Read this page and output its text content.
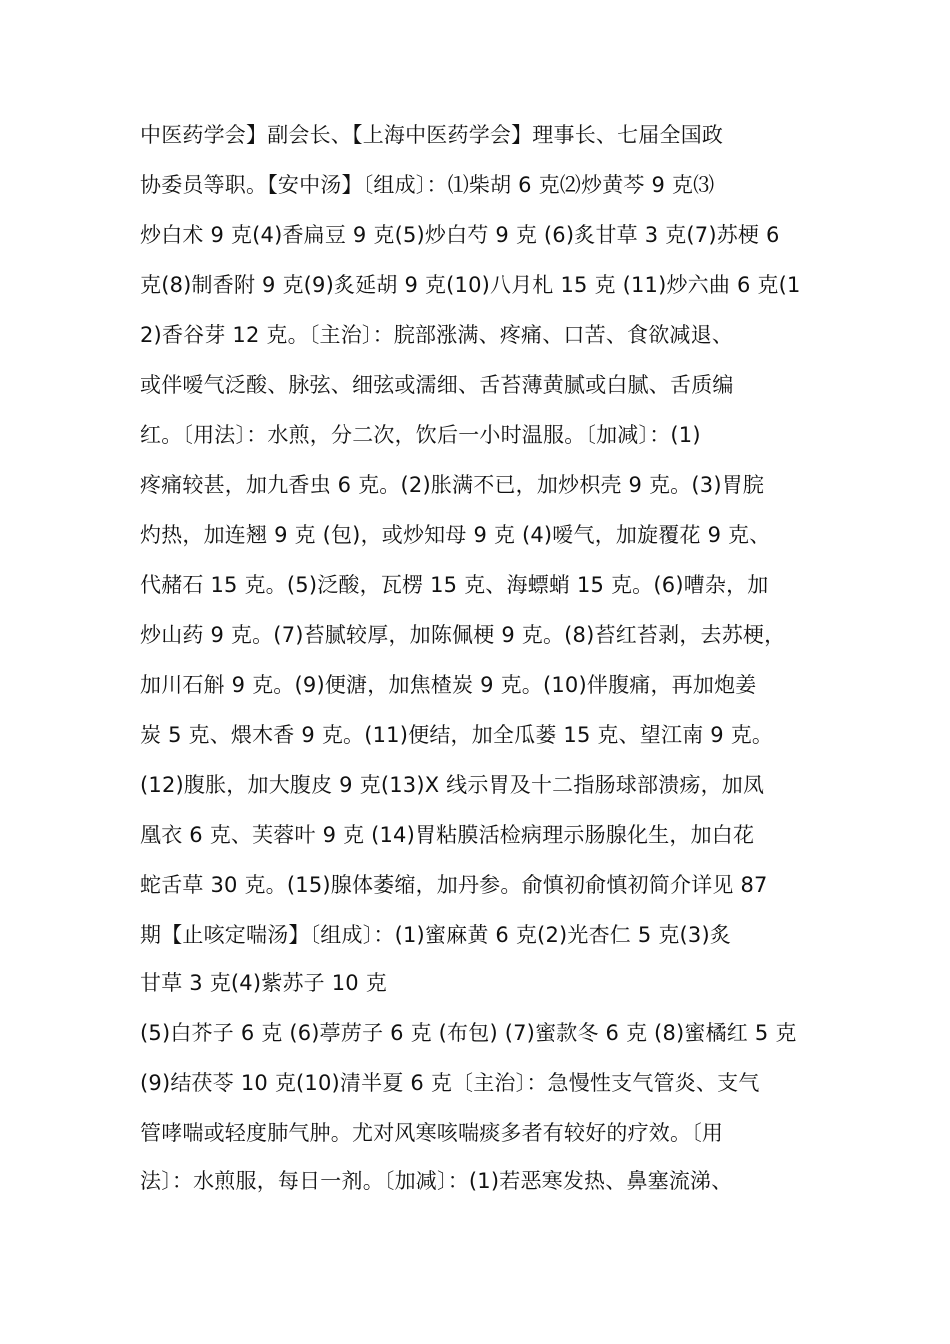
中医药学会】副会长、【上海中医药学会】理事长、七届全国政
协委员等职。【安中汤】〔组成〕：⑴柴胡 6 克⑵炒黄芩 9 克⑶
炒白术 9 克(4)香扁豆 9 克(5)炒白芍 9 克 (6)炙甘草 3 克(7)苏梗 6
克(8)制香附 9 克(9)炙延胡 9 克(10)八月札 15 克 (11)炒六曲 6 克(1
2)香谷芽 12 克。〔主治〕：脘部涨满、疼痛、口苦、食欲减退、
或伴嗳气泛酸、脉弦、细弦或濡细、舌苔薄黄腻或白腻、舌质编
红。〔用法〕：水煎，分二次，饮后一小时温服。〔加减〕：(1)
疼痛较甚，加九香虫 6 克。(2)胀满不已，加炒枳壳 9 克。(3)胃脘
灼热，加连翘 9 克 (包)，或炒知母 9 克 (4)嗳气，加旋覆花 9 克、
代赭石 15 克。(5)泛酸，瓦楞 15 克、海螵蛸 15 克。(6)嘈杂，加
炒山药 9 克。(7)苔腻较厚，加陈佩梗 9 克。(8)苔红苔剥，去苏梗，
加川石斛 9 克。(9)便溏，加焦楂炭 9 克。(10)伴腹痛，再加炮姜
炭 5 克、煨木香 9 克。(11)便结，加全瓜蒌 15 克、望江南 9 克。
(12)腹胀，加大腹皮 9 克(13)X 线示胃及十二指肠球部溃疡，加凤
凰衣 6 克、芙蓉叶 9 克 (14)胃粘膜活检病理示肠腺化生，加白花
蛇舌草 30 克。(15)腺体萎缩，加丹参。俞慎初俞慎初简介详见 87
期【止咳定喘汤】〔组成〕：(1)蜜麻黄 6 克(2)光杏仁 5 克(3)炙
甘草 3 克(4)紫苏子 10 克
(5)白芥子 6 克 (6)葶苈子 6 克 (布包) (7)蜜款冬 6 克 (8)蜜橘红 5 克
(9)结茯苓 10 克(10)清半夏 6 克〔主治〕：急慢性支气管炎、支气
管哮喘或轻度肺气肿。尤对风寒咳喘痰多者有较好的疗效。〔用
法〕：水煎服，每日一剂。〔加减〕：(1)若恶寒发热、鼻塞流涕、
